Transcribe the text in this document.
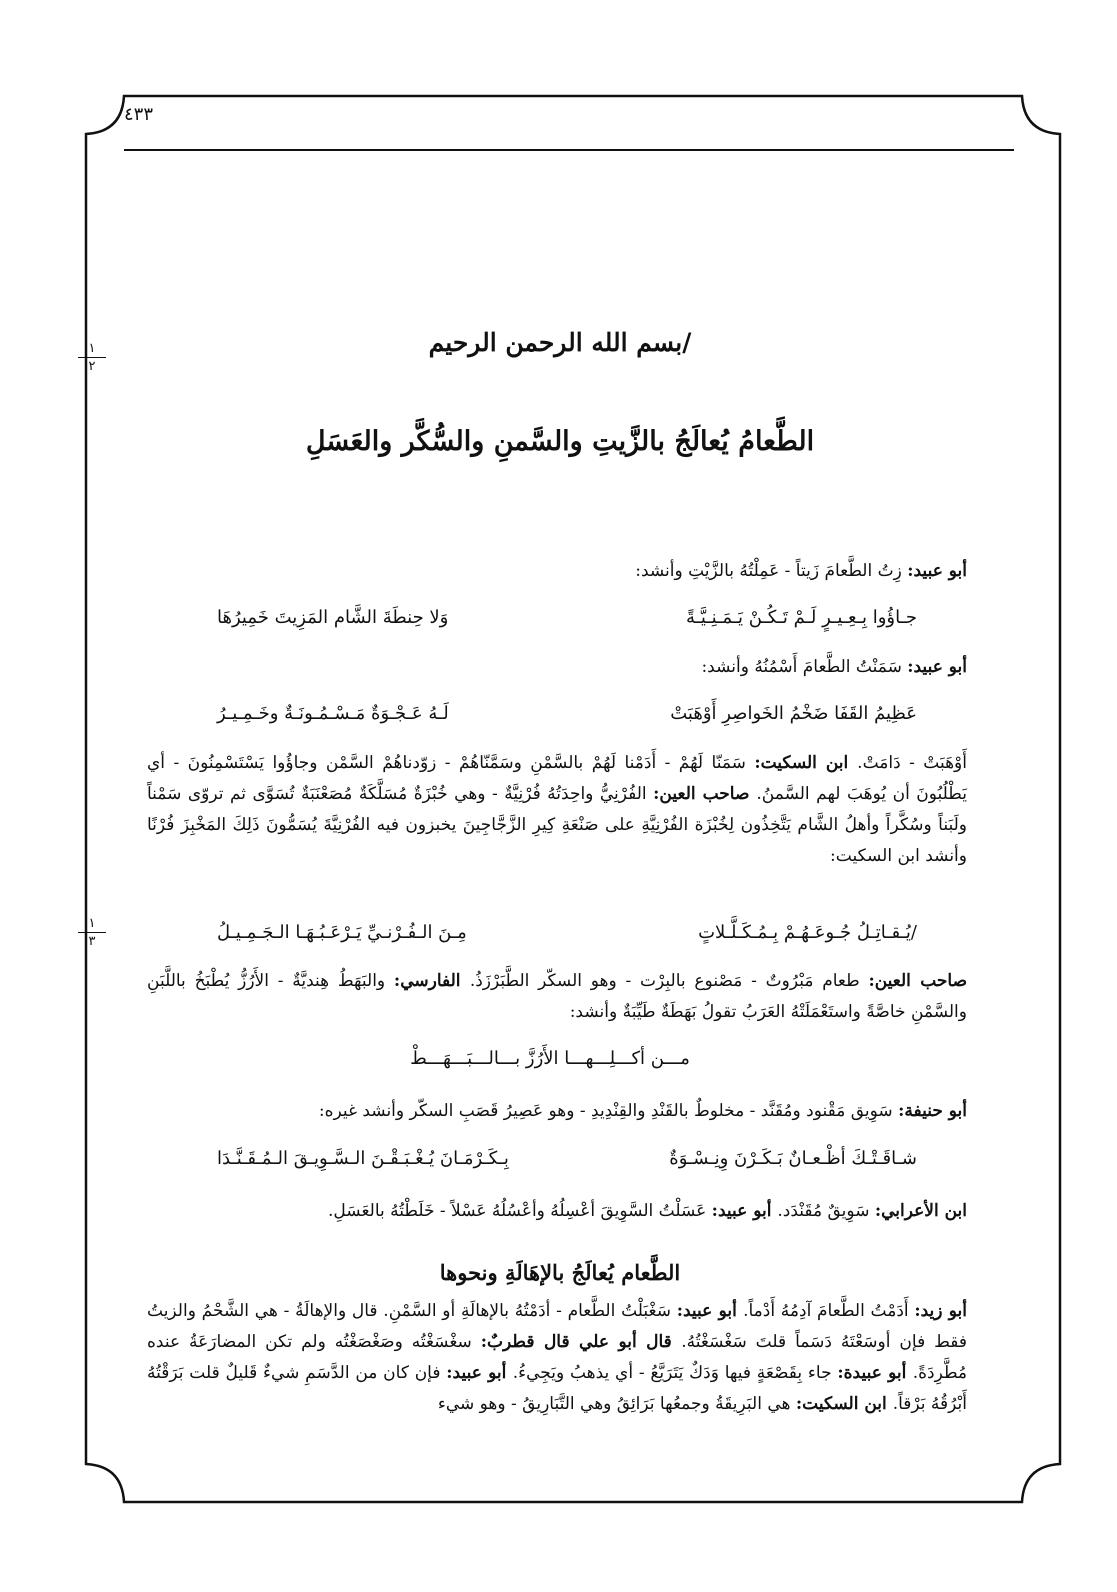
٤٣٣
١
٢
١
٣
/بسم الله الرحمن الرحيم
الطَّعامُ يُعالَجُ بالزَّيتِ والسَّمنِ والسُّكَّر والعَسَلِ
أبو عبيد: زِتُ الطَّعامَ زَيتاً - عَمِلْتُهُ بالزَّيْتِ وأنشد:
جـاؤُوا بِـعِـيـرٍ لَـمْ تَـكُـنْ يَـمَـنِـيَّـةً
وَلا حِنطَةَ الشَّام المَزِيتَ خَمِيرُهَا
أبو عبيد: سَمَنْتُ الطَّعامَ أَسْمُنُهُ وأنشد:
عَظِيمُ القَفَا ضَخْمُ الخَواصِرِ أَوْهَبَتْ
لَـهُ عَـجْـوَةٌ مَـسْـمُـونَـةٌ وخَـمِـيـرُ
أَوْهَبَتْ - دَامَتْ. ابن السكيت: سَمَنّا لَهُمْ - أَدَمْنا لَهُمْ بالسَّمْنِ وسَمَّنّاهُمْ - زوّدناهُمْ السَّمْن وجاؤُوا يَسْتَسْمِنُونَ - أي يَطْلُبُونَ أن يُوهَبَ لهم السَّمنُ. صاحب العين: الفُرْنِيُّ واحِدَتُهُ فُرْنِيَّةٌ - وهي خُبْزَةٌ مُسَلَّكَةٌ مُصَعْنَبَةٌ تُسَوَّى ثم تروّى سَمْناً ولَبَناً وسُكَّراً وأهلُ الشَّام يَتَّخِذُون لِخُبْزَة الفُرْنِيَّةِ على صَنْعَةِ كِيرِ الزَّجَّاجِينَ يخبزون فيه الفُرْنِيَّةَ يُسَمُّونَ ذَلِكَ المَخْبِزَ فُرْنًا وأنشد ابن السكيت:
/يُـقـاتِـلُ جُـوعَـهُـمْ بِـمُـكَـلَّـلاتٍ
مِـنَ الـفُـرْنـيِّ يَـرْعَـبُـهَـا الـجَـمِـيـلُ
صاحب العين: طعام مَبْرُوتٌ - مَصْنوع بالبِرْت - وهو السكّر الطَّبَرْزَذُ. الفارسي: والبَهَطُ هِنديَّةٌ - الأَرُزُّ يُطْبَخُ باللَّبَنِ والسَّمْنِ خاصَّةً واستَعْمَلَتْهُ العَرَبُ تقولُ بَهَطَةٌ طَيِّبَةٌ وأنشد:
مـــن أكـــلِـــهـــا الأَرُزَّ بـــالـــبَـــهَـــطْ
أبو حنيفة: سَوِيق مَقْنود ومُقَنَّد - مخلوطٌ بالقَنْدِ والقِنْدِيدِ - وهو عَصِيرُ قَصَبِ السكّر وأنشد غيره:
شـاقَـتْـكَ أظْـعـانٌ بَـكَـرْنَ وِنِـسْـوَةٌ
بِـكَـرْمَـانَ يُـغْـبَـقْـنَ الـسَّـوِيـقَ الـمُـقَـنَّـدَا
ابن الأعرابي: سَوِيقٌ مُقَنْدَد. أبو عبيد: عَسَلْتُ السَّوِيقَ أعْسِلُهُ وأعْسُلُهُ عَسْلاً - خَلَطْتُهُ بالعَسَلِ.
الطَّعام يُعالَجُ بالإهَالَةِ ونحوها
أبو زيد: أَدَمْتُ الطَّعامَ آدِمُهُ أَدْماً. أبو عبيد: سَغْبَلْتُ الطَّعام - أدَمْتُهُ بالإهالَةِ أو السَّمْنِ. قال والإهالَةُ - هي الشَّحْمُ والزيتُ فقط فإن أوسَعْتَهُ دَسَماً قلتَ سَغْسَغْتُهُ. قال أبو علي قال قطربٌ: سغْسَغْتُه وصَغْصَغْتُه ولم تكن المضارَعَةُ عنده مُطَّرِدَةً. أبو عبيدة: جاء بِقَصْعَةٍ فيها وَدَكٌ يَتَرَيَّعُ - أي يذهبُ ويَجِيءُ. أبو عبيد: فإن كان من الدَّسَمِ شيءٌ قَليلٌ قلت بَرَقْتُهُ أَبْرُقُهُ بَرْقاً. ابن السكيت: هي البَرِيقَةُ وجمعُها بَرَائِقُ وهي التَّبَارِيقُ - وهو شيء
